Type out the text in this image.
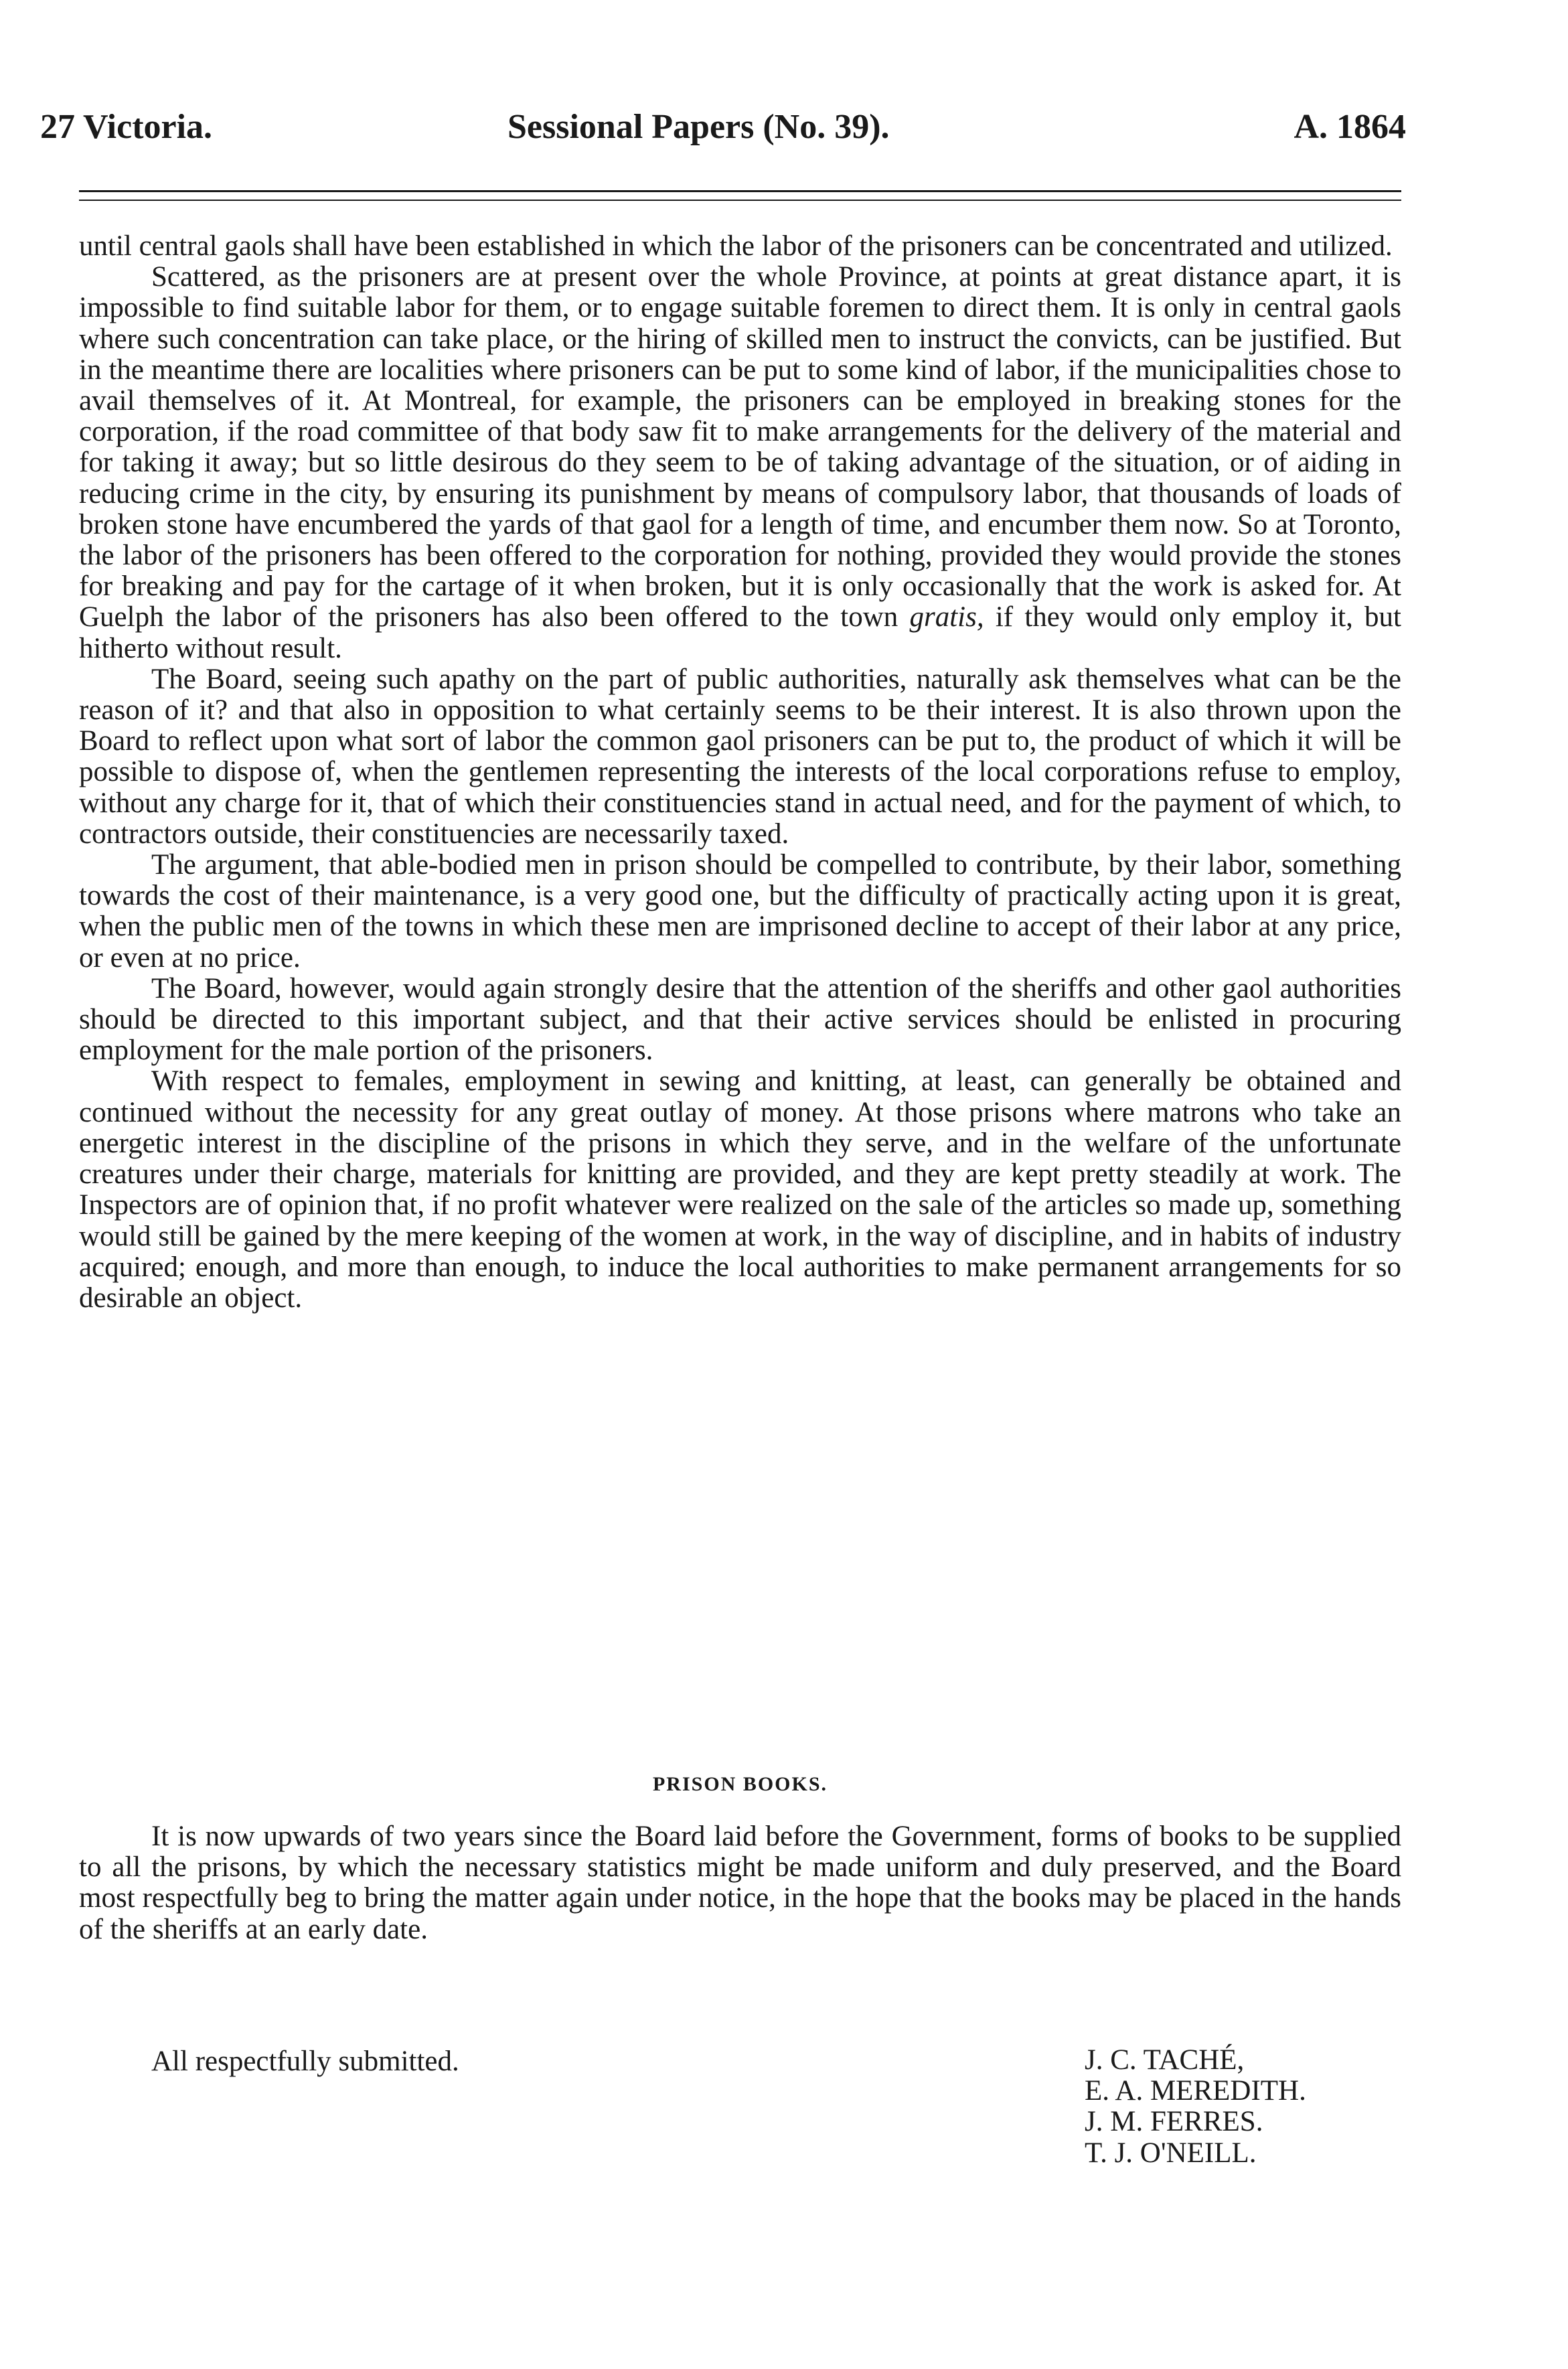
27 Victoria.	Sessional Papers (No. 39).	A. 1864

until central gaols shall have been established in which the labor of the prisoners can be concentrated and utilized.

Scattered, as the prisoners are at present over the whole Province, at points at great distance apart, it is impossible to find suitable labor for them, or to engage suitable foremen to direct them. It is only in central gaols where such concentration can take place, or the hiring of skilled men to instruct the convicts, can be justified. But in the meantime there are localities where prisoners can be put to some kind of labor, if the municipalities chose to avail themselves of it. At Montreal, for example, the prisoners can be employed in breaking stones for the corporation, if the road committee of that body saw fit to make arrangements for the delivery of the material and for taking it away; but so little desirous do they seem to be of taking advantage of the situation, or of aiding in reducing crime in the city, by ensuring its punishment by means of compulsory labor, that thousands of loads of broken stone have encumbered the yards of that gaol for a length of time, and encumber them now. So at Toronto, the labor of the prisoners has been offered to the corporation for nothing, provided they would provide the stones for breaking and pay for the cartage of it when broken, but it is only occasionally that the work is asked for. At Guelph the labor of the prisoners has also been offered to the town gratis, if they would only employ it, but hitherto without result.

The Board, seeing such apathy on the part of public authorities, naturally ask themselves what can be the reason of it? and that also in opposition to what certainly seems to be their interest. It is also thrown upon the Board to reflect upon what sort of labor the common gaol prisoners can be put to, the product of which it will be possible to dispose of, when the gentlemen representing the interests of the local corporations refuse to employ, without any charge for it, that of which their constituencies stand in actual need, and for the payment of which, to contractors outside, their constituencies are necessarily taxed.

The argument, that able-bodied men in prison should be compelled to contribute, by their labor, something towards the cost of their maintenance, is a very good one, but the difficulty of practically acting upon it is great, when the public men of the towns in which these men are imprisoned decline to accept of their labor at any price, or even at no price.

The Board, however, would again strongly desire that the attention of the sheriffs and other gaol authorities should be directed to this important subject, and that their active services should be enlisted in procuring employment for the male portion of the prisoners.

With respect to females, employment in sewing and knitting, at least, can generally be obtained and continued without the necessity for any great outlay of money. At those prisons where matrons who take an energetic interest in the discipline of the prisons in which they serve, and in the welfare of the unfortunate creatures under their charge, materials for knitting are provided, and they are kept pretty steadily at work. The Inspectors are of opinion that, if no profit whatever were realized on the sale of the articles so made up, something would still be gained by the mere keeping of the women at work, in the way of discipline, and in habits of industry acquired; enough, and more than enough, to induce the local authorities to make permanent arrangements for so desirable an object.

PRISON BOOKS.

It is now upwards of two years since the Board laid before the Government, forms of books to be supplied to all the prisons, by which the necessary statistics might be made uniform and duly preserved, and the Board most respectfully beg to bring the matter again under notice, in the hope that the books may be placed in the hands of the sheriffs at an early date.

All respectfully submitted.	J. C. TACHÉ,
E. A. MEREDITH.
J. M. FERRES.
T. J. O'NEILL.
